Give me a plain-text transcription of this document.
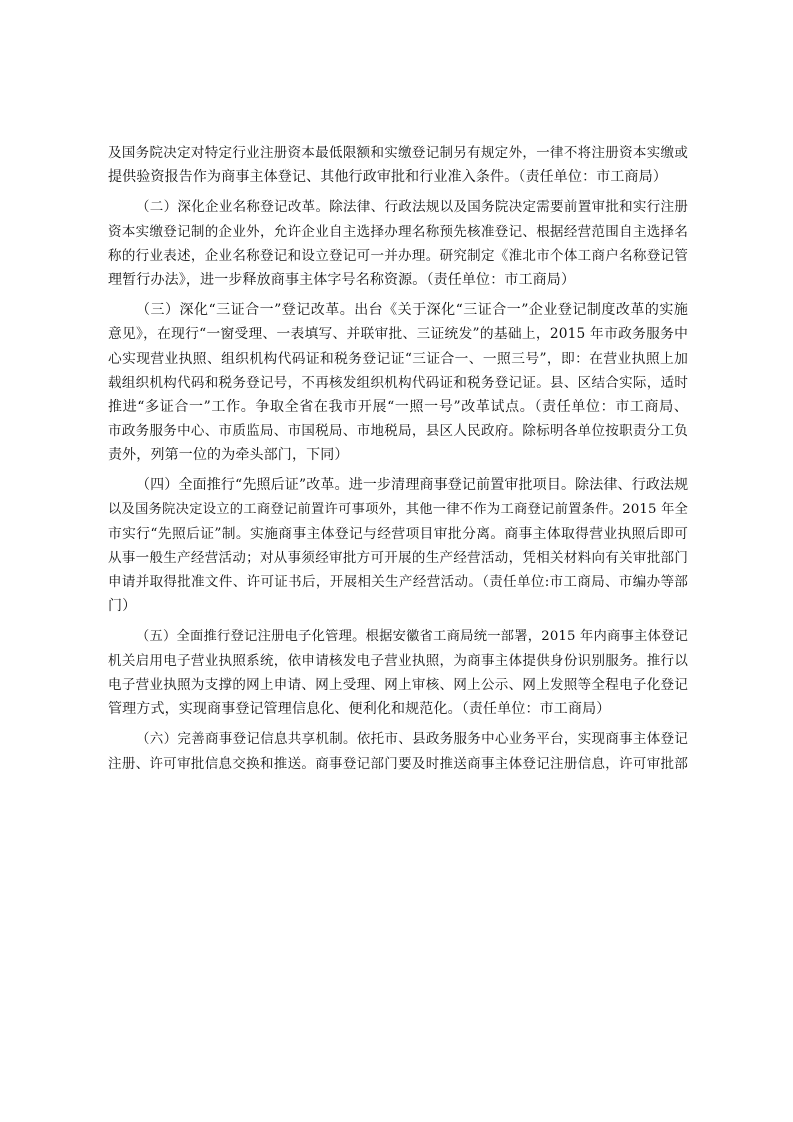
及国务院决定对特定行业注册资本最低限额和实缴登记制另有规定外，一律不将注册资本实缴或
提供验资报告作为商事主体登记、其他行政审批和行业准入条件。（责任单位：市工商局）
（二）深化企业名称登记改革。除法律、行政法规以及国务院决定需要前置审批和实行注册
资本实缴登记制的企业外，允许企业自主选择办理名称预先核准登记、根据经营范围自主选择名
称的行业表述，企业名称登记和设立登记可一并办理。研究制定《淮北市个体工商户名称登记管
理暂行办法》，进一步释放商事主体字号名称资源。（责任单位：市工商局）
（三）深化“三证合一”登记改革。出台《关于深化“三证合一”企业登记制度改革的实施
意见》，在现行“一窗受理、一表填写、并联审批、三证统发”的基础上，2015 年市政务服务中
心实现营业执照、组织机构代码证和税务登记证“三证合一、一照三号”，即：在营业执照上加
载组织机构代码和税务登记号，不再核发组织机构代码证和税务登记证。县、区结合实际，适时
推进“多证合一”工作。争取全省在我市开展“一照一号”改革试点。（责任单位：市工商局、
市政务服务中心、市质监局、市国税局、市地税局，县区人民政府。除标明各单位按职责分工负
责外，列第一位的为牵头部门，下同）
（四）全面推行“先照后证”改革。进一步清理商事登记前置审批项目。除法律、行政法规
以及国务院决定设立的工商登记前置许可事项外，其他一律不作为工商登记前置条件。2015 年全
市实行“先照后证”制。实施商事主体登记与经营项目审批分离。商事主体取得营业执照后即可
从事一般生产经营活动；对从事须经审批方可开展的生产经营活动，凭相关材料向有关审批部门
申请并取得批准文件、许可证书后，开展相关生产经营活动。（责任单位:市工商局、市编办等部
门）
（五）全面推行登记注册电子化管理。根据安徽省工商局统一部署，2015 年内商事主体登记
机关启用电子营业执照系统，依申请核发电子营业执照，为商事主体提供身份识别服务。推行以
电子营业执照为支撑的网上申请、网上受理、网上审核、网上公示、网上发照等全程电子化登记
管理方式，实现商事登记管理信息化、便利化和规范化。（责任单位：市工商局）
（六）完善商事登记信息共享机制。依托市、县政务服务中心业务平台，实现商事主体登记
注册、许可审批信息交换和推送。商事登记部门要及时推送商事主体登记注册信息，许可审批部
